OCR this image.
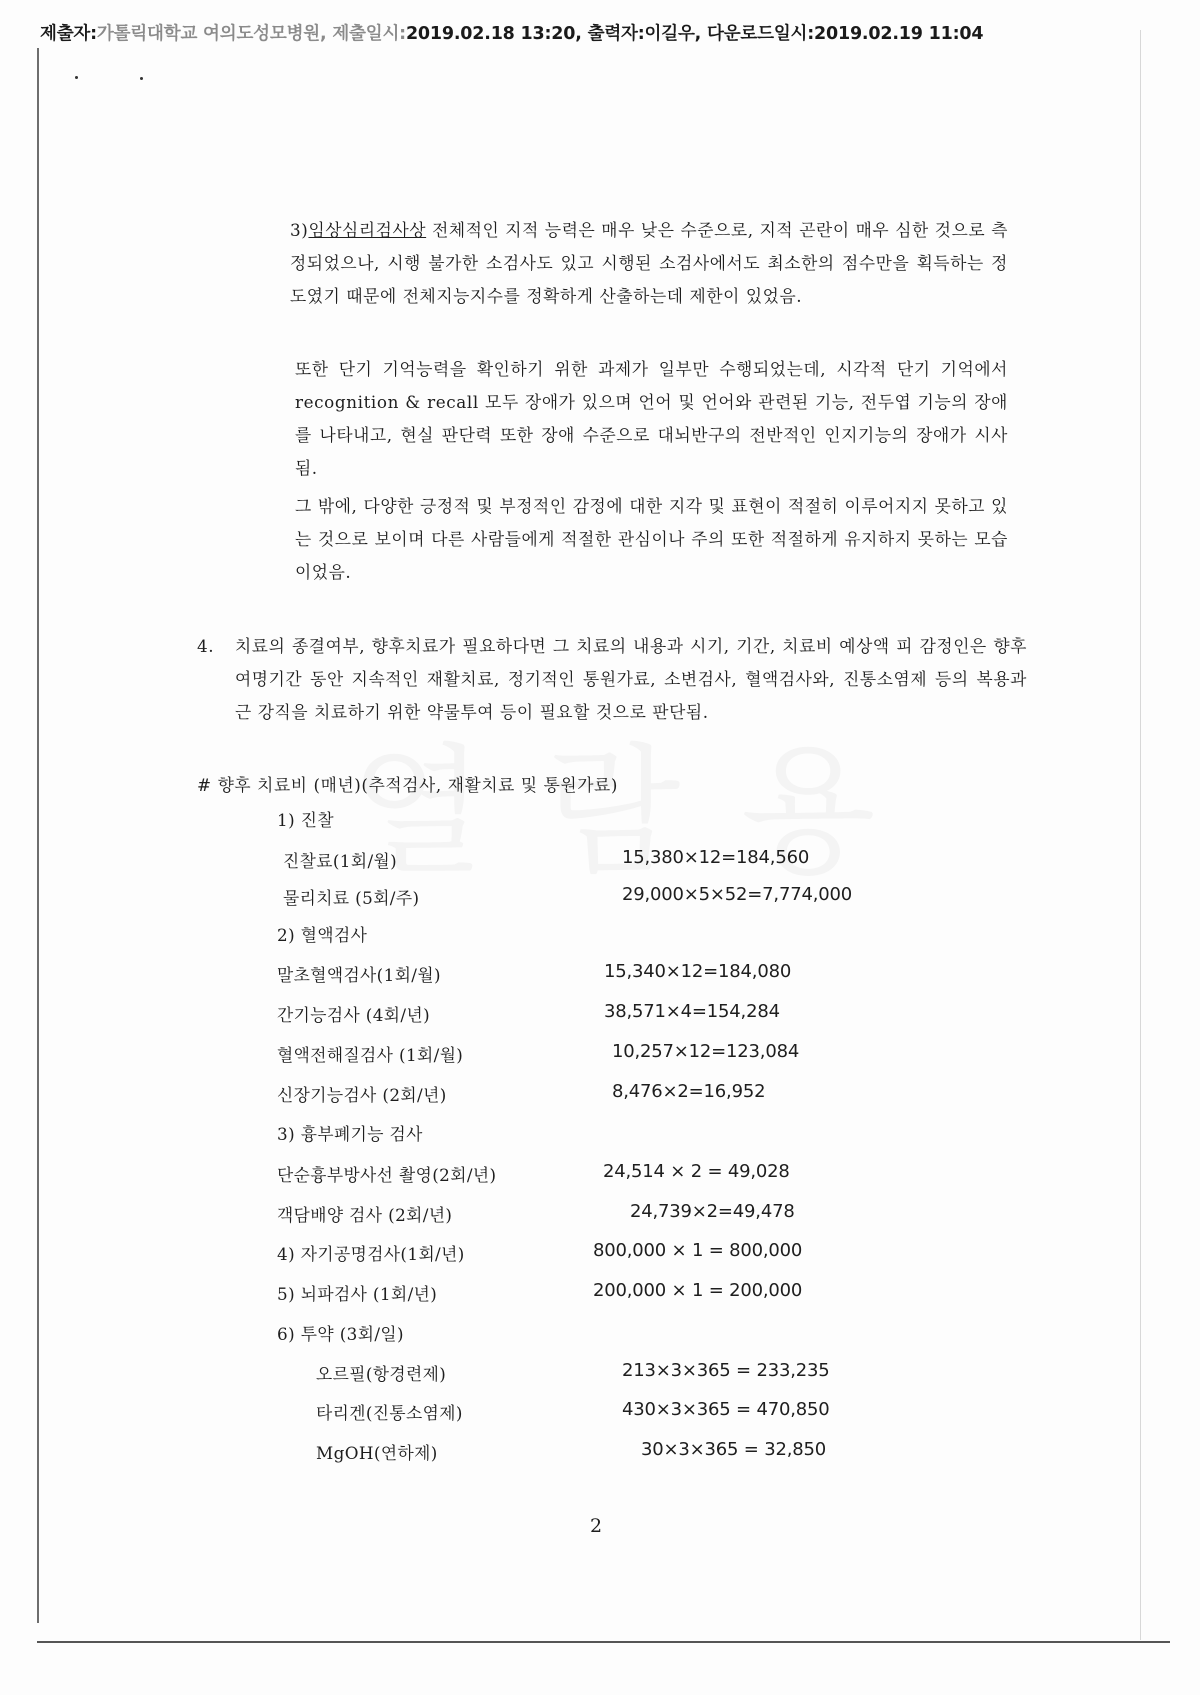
제출자:가톨릭대학교 여의도성모병원, 제출일시:2019.02.18 13:20, 출력자:이길우, 다운로드일시:2019.02.19 11:04

3)임상심리검사상 전체적인 지적 능력은 매우 낮은 수준으로, 지적 곤란이 매우 심한 것으로 측정되었으나, 시행 불가한 소검사도 있고 시행된 소검사에서도 최소한의 점수만을 획득하는 정도였기 때문에 전체지능지수를 정확하게 산출하는데 제한이 있었음.

또한 단기 기억능력을 확인하기 위한 과제가 일부만 수행되었는데, 시각적 단기 기억에서 recognition & recall 모두 장애가 있으며 언어 및 언어와 관련된 기능, 전두엽 기능의 장애를 나타내고, 현실 판단력 또한 장애 수준으로 대뇌반구의 전반적인 인지기능의 장애가 시사됨.

그 밖에, 다양한 긍정적 및 부정적인 감정에 대한 지각 및 표현이 적절히 이루어지지 못하고 있는 것으로 보이며 다른 사람들에게 적절한 관심이나 주의 또한 적절하게 유지하지 못하는 모습이었음.

4. 치료의 종결여부, 향후치료가 필요하다면 그 치료의 내용과 시기, 기간, 치료비 예상액 피 감정인은 향후 여명기간 동안 지속적인 재활치료, 정기적인 통원가료, 소변검사, 혈액검사와, 진통소염제 등의 복용과 근 강직을 치료하기 위한 약물투여 등이 필요할 것으로 판단됨.
# 향후 치료비 (매년)(추적검사, 재활치료 및 통원가료)
1) 진찰
진찰료(1회/월)	15,380×12=184,560
물리치료 (5회/주)	29,000×5×52=7,774,000
2) 혈액검사
말초혈액검사(1회/월)	15,340×12=184,080
간기능검사 (4회/년)	38,571×4=154,284
혈액전해질검사 (1회/월)	10,257×12=123,084
신장기능검사 (2회/년)	8,476×2=16,952
3) 흉부폐기능 검사
단순흉부방사선 촬영(2회/년)	24,514 × 2 = 49,028
객담배양 검사 (2회/년)	24,739×2=49,478
4) 자기공명검사(1회/년)	800,000 × 1 = 800,000
5) 뇌파검사 (1회/년)	200,000 × 1 = 200,000
6) 투약 (3회/일)
오르필(항경련제)	213×3×365 = 233,235
타리겐(진통소염제)	430×3×365 = 470,850
MgOH(연하제)	30×3×365 = 32,850
2
